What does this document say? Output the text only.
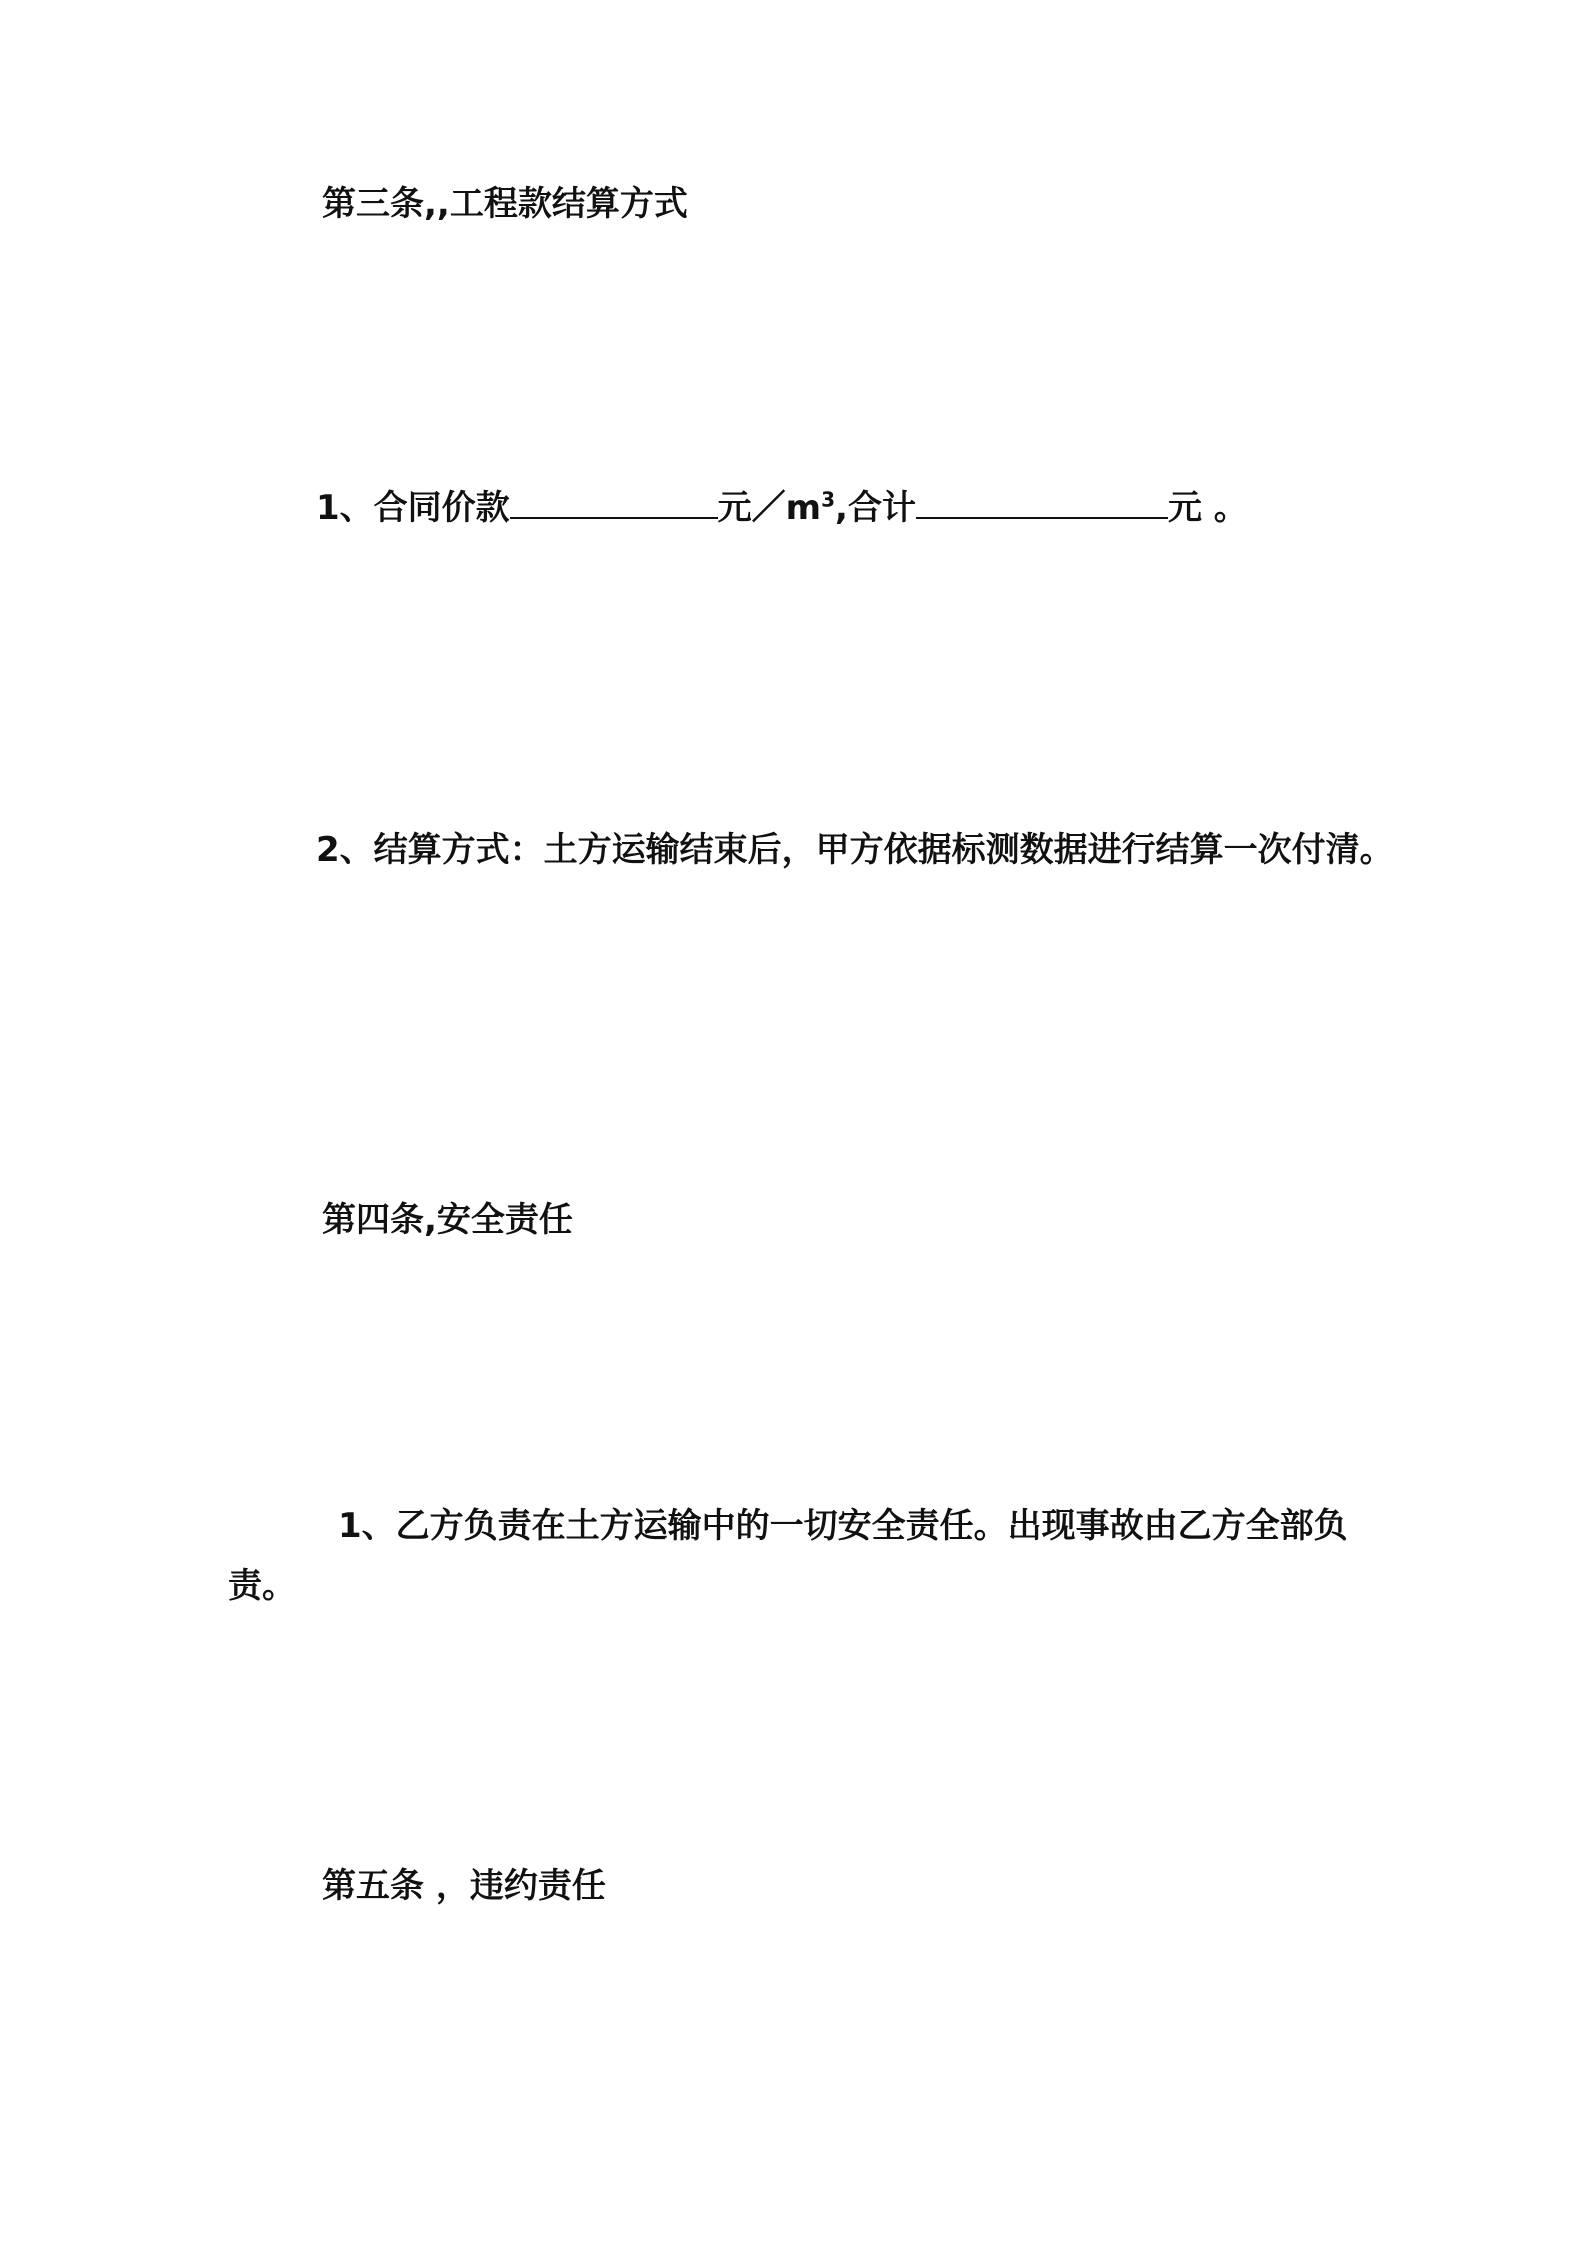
第三条,,工程款结算方式
1、合同价款	元$/m^3$,合计	元 。
2、结算方式：土方运输结束后，甲方依据标测数据进行结算一次付清。
第四条,安全责任
1、乙方负责在土方运输中的一切安全责任。出现事故由乙方全部负责。
第五条 ，违约责任
